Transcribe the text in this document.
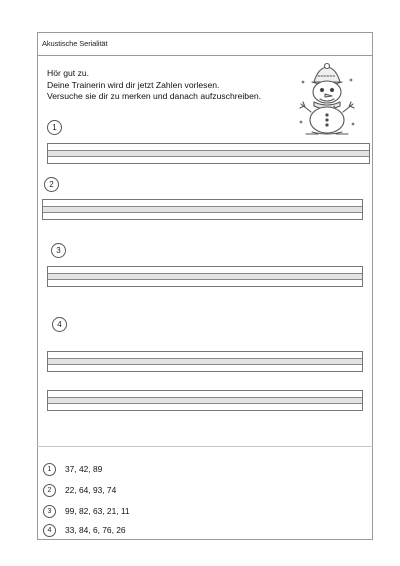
Akustische Serialität
Hör gut zu.
Deine Trainerin wird dir jetzt Zahlen vorlesen.
Versuche sie dir zu merken und danach aufzuschreiben.
1
2
3
4
1	37, 42, 89
2	22, 64, 93, 74
3	99, 82, 63, 21, 11
4	33, 84, 6, 76, 26
